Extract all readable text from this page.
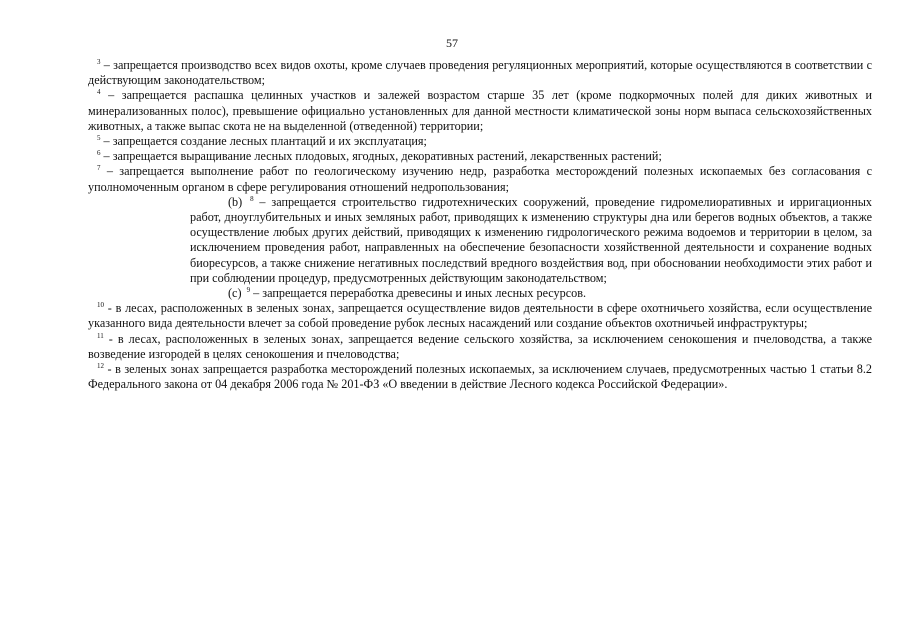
57

$^3$ – запрещается производство всех видов охоты, кроме случаев проведения регуляционных мероприятий, которые осуществляются в соответствии с действующим законодательством;

$^4$ – запрещается распашка целинных участков и залежей возрастом старше 35 лет (кроме подкормочных полей для диких животных и минерализованных полос), превышение официально установленных для данной местности климатической зоны норм выпаса сельскохозяйственных животных, а также выпас скота не на выделенной (отведенной) территории;

$^5$ – запрещается создание лесных плантаций и их эксплуатация;

$^6$ – запрещается выращивание лесных плодовых, ягодных, декоративных растений, лекарственных растений;

$^7$ – запрещается выполнение работ по геологическому изучению недр, разработка месторождений полезных ископаемых без согласования с уполномоченным органом в сфере регулирования отношений недропользования;

(b) $^8$ – запрещается строительство гидротехнических сооружений, проведение гидромелиоративных и ирригационных работ, дноуглубительных и иных земляных работ, приводящих к изменению структуры дна или берегов водных объектов, а также осуществление любых других действий, приводящих к изменению гидрологического режима водоемов и территории в целом, за исключением проведения работ, направленных на обеспечение безопасности хозяйственной деятельности и сохранение водных биоресурсов, а также снижение негативных последствий вредного воздействия вод, при обосновании необходимости этих работ и при соблюдении процедур, предусмотренных действующим законодательством;

(c) $^9$ – запрещается переработка древесины и иных лесных ресурсов.

$^{10}$ - в лесах, расположенных в зеленых зонах, запрещается осуществление видов деятельности в сфере охотничьего хозяйства, если осуществление указанного вида деятельности влечет за собой проведение рубок лесных насаждений или создание объектов охотничьей инфраструктуры;

$^{11}$ - в лесах, расположенных в зеленых зонах, запрещается ведение сельского хозяйства, за исключением сенокошения и пчеловодства, а также возведение изгородей в целях сенокошения и пчеловодства;

$^{12}$ - в зеленых зонах запрещается разработка месторождений полезных ископаемых, за исключением случаев, предусмотренных частью 1 статьи 8.2 Федерального закона от 04 декабря 2006 года № 201-ФЗ «О введении в действие Лесного кодекса Российской Федерации».
